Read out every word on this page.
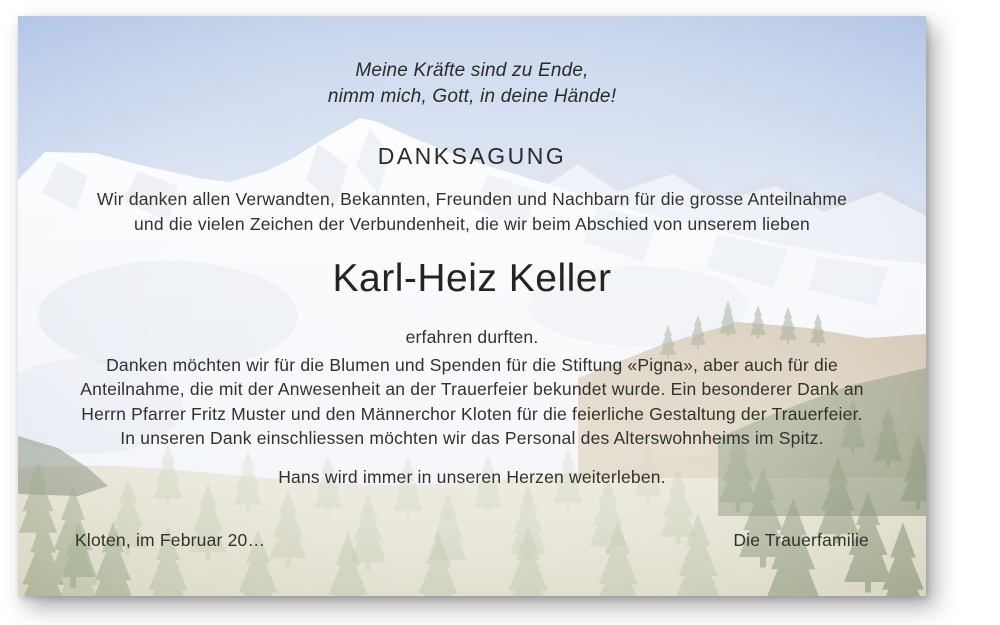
Meine Kräfte sind zu Ende,
nimm mich, Gott, in deine Hände!
DANKSAGUNG
Wir danken allen Verwandten, Bekannten, Freunden und Nachbarn für die grosse Anteilnahme
und die vielen Zeichen der Verbundenheit, die wir beim Abschied von unserem lieben
Karl-Heiz Keller
erfahren durften.
Danken möchten wir für die Blumen und Spenden für die Stiftung «Pigna», aber auch für die
Anteilnahme, die mit der Anwesenheit an der Trauerfeier bekundet wurde. Ein besonderer Dank an
Herrn Pfarrer Fritz Muster und den Männerchor Kloten für die feierliche Gestaltung der Trauerfeier.
In unseren Dank einschliessen möchten wir das Personal des Alterswohnheims im Spitz.
Hans wird immer in unseren Herzen weiterleben.
Kloten, im Februar 20…	Die Trauerfamilie
